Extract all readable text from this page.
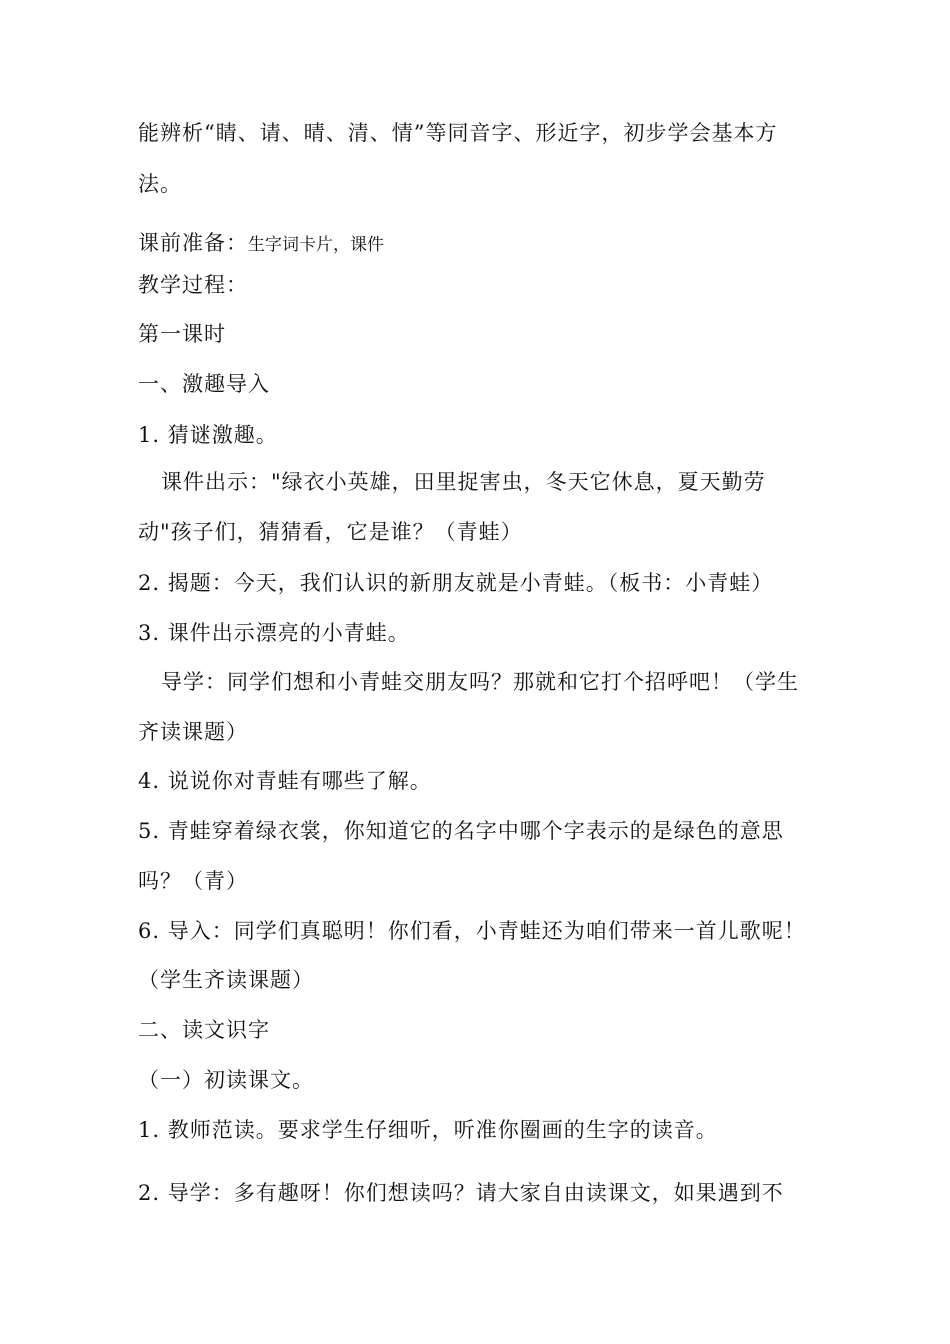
能辨析“睛、请、晴、清、情”等同音字、形近字，初步学会基本方
法。
课前准备：生字词卡片，课件
教学过程：
第一课时
一、激趣导入
1. 猜谜激趣。
课件出示："绿衣小英雄，田里捉害虫，冬天它休息，夏天勤劳
动"孩子们，猜猜看，它是谁？（青蛙）
2. 揭题：今天，我们认识的新朋友就是小青蛙。（板书：小青蛙）
3. 课件出示漂亮的小青蛙。
导学：同学们想和小青蛙交朋友吗？那就和它打个招呼吧！（学生
齐读课题）
4. 说说你对青蛙有哪些了解。
5. 青蛙穿着绿衣裳，你知道它的名字中哪个字表示的是绿色的意思
吗？（青）
6. 导入：同学们真聪明！你们看，小青蛙还为咱们带来一首儿歌呢！
（学生齐读课题）
二、读文识字
（一）初读课文。
1. 教师范读。要求学生仔细听，听准你圈画的生字的读音。
2. 导学：多有趣呀！你们想读吗？请大家自由读课文，如果遇到不
